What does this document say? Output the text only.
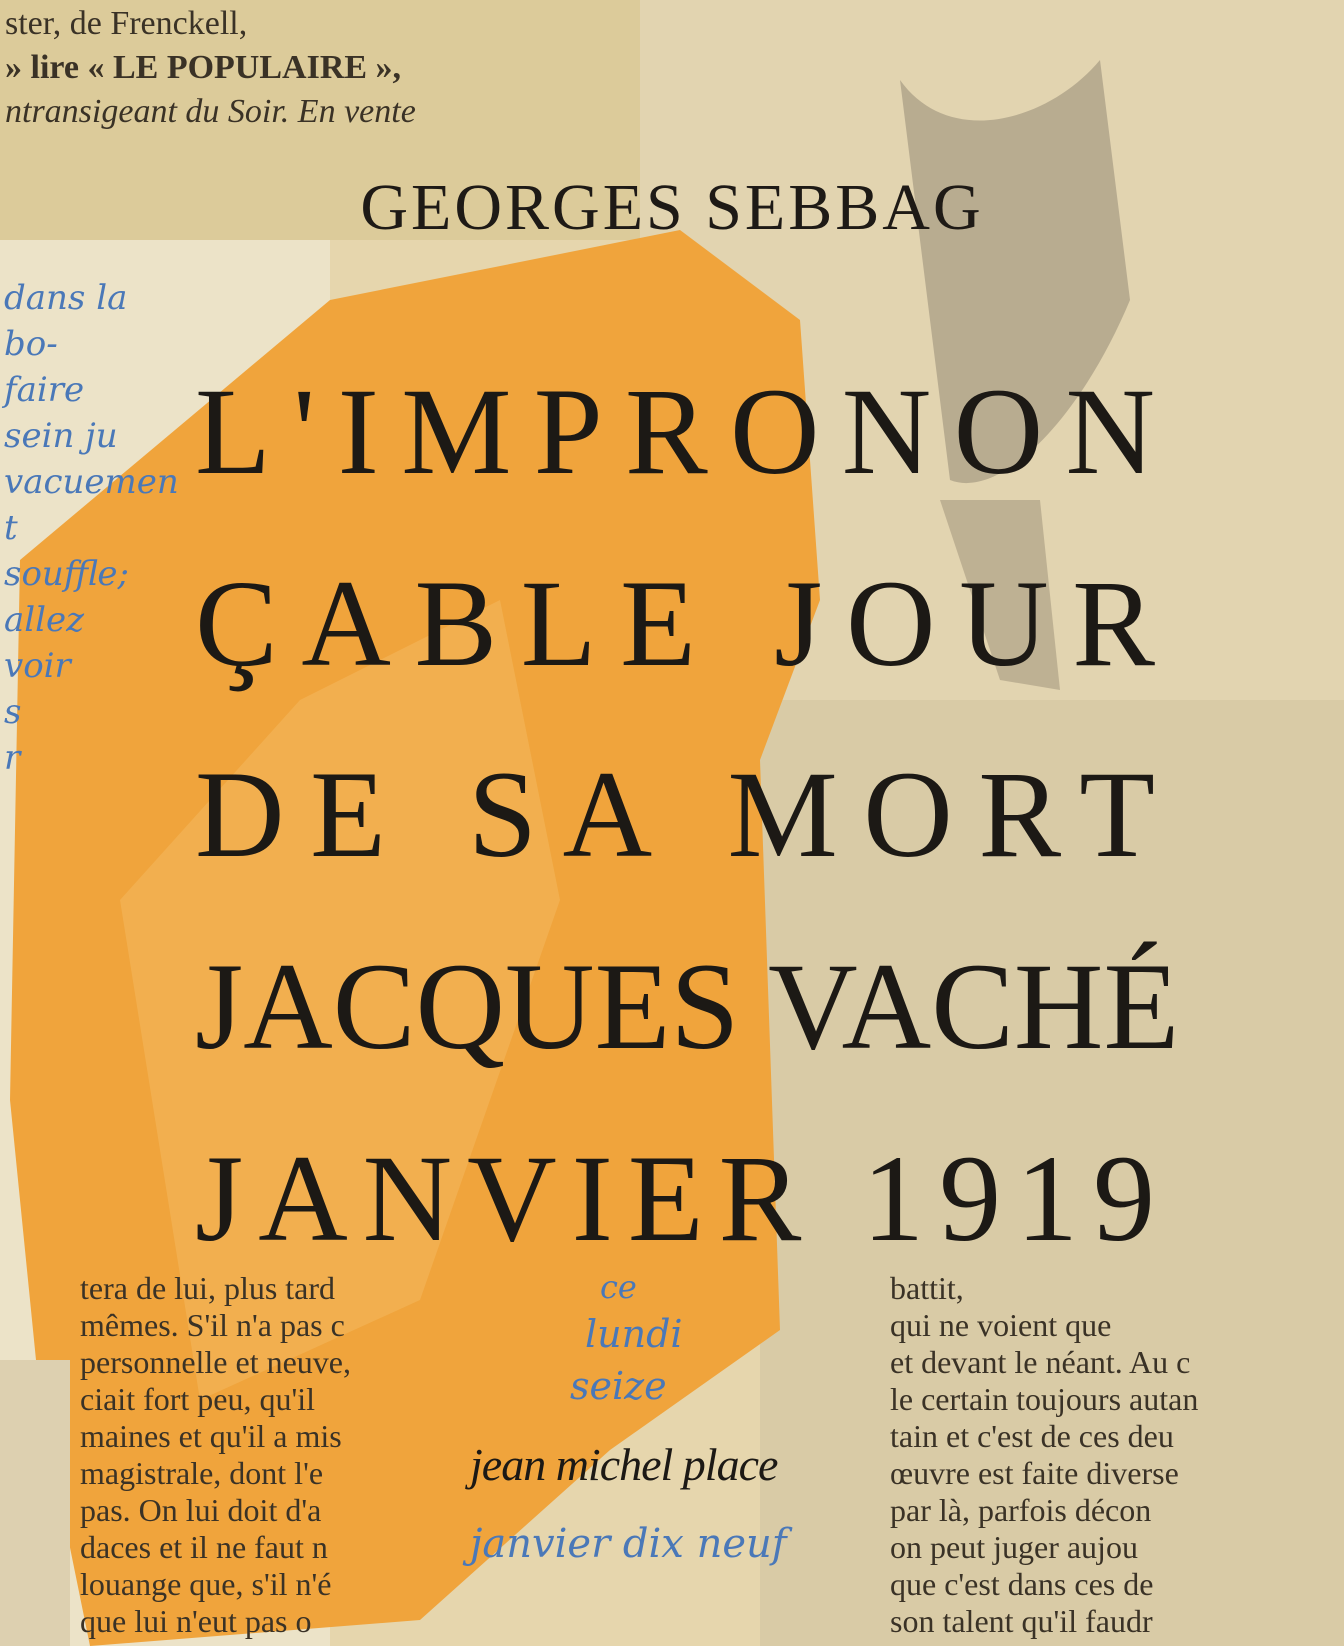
ster, de Frenckell,
» lire « LE POPULAIRE »,
ntransigeant du Soir. En vente
battit,
qui ne voient que
et devant le néant. Au c
le certain toujours autan
tain et c'est de ces deu
œuvre est faite diverse
par là, parfois décon
on peut juger aujou
que c'est dans ces de
son talent qu'il faudr
tera de lui, plus tard
mêmes. S'il n'a pas c
personnelle et neuve,
ciait fort peu, qu'il
maines et qu'il a mis
magistrale, dont l'e
pas. On lui doit d'a
daces et il ne faut n
louange que, s'il n'é
que lui n'eut pas o
dans la bo-
faire
sein ju
vacuement
souffle;
allez
voir
s
r
ce
lundi
seize
janvier dix neuf
GEORGES SEBBAG
L'IMPRONON
ÇABLE JOUR
DE SA MORT
JACQUES VACHÉ
JANVIER 1919
jean michel place
